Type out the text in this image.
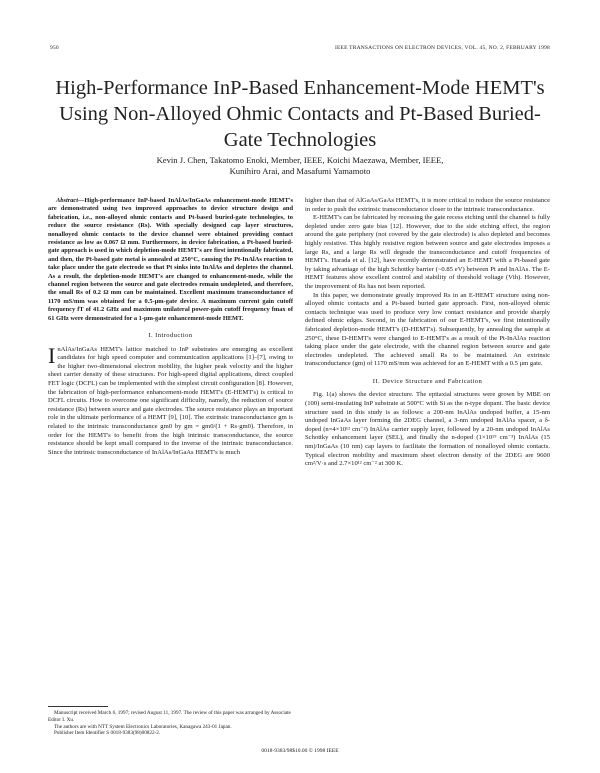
950	IEEE TRANSACTIONS ON ELECTRON DEVICES, VOL. 45, NO. 2, FEBRUARY 1998
High-Performance InP-Based Enhancement-Mode HEMT's Using Non-Alloyed Ohmic Contacts and Pt-Based Buried-Gate Technologies
Kevin J. Chen, Takatomo Enoki, Member, IEEE, Koichi Maezawa, Member, IEEE,
Kunihiro Arai, and Masafumi Yamamoto

Abstract—High-performance InP-based InAlAs/InGaAs enhancement-mode HEMT's are demonstrated using two improved approaches to device structure design and fabrication, i.e., non-alloyed ohmic contacts and Pt-based buried-gate technologies, to reduce the source resistance (Rs). With specially designed cap layer structures, nonalloyed ohmic contacts to the device channel were obtained providing contact resistance as low as 0.067 Ω mm. Furthermore, in device fabrication, a Pt-based buried-gate approach is used in which depletion-mode HEMT's are first intentionally fabricated, and then, the Pt-based gate metal is annealed at 250°C, causing the Pt-InAlAs reaction to take place under the gate electrode so that Pt sinks into InAlAs and depletes the channel. As a result, the depletion-mode HEMT's are changed to enhancement-mode, while the channel region between the source and gate electrodes remain undepleted, and therefore, the small Rs of 0.2 Ω mm can be maintained. Excellent maximum transconductance of 1170 mS/mm was obtained for a 0.5-μm-gate device. A maximum current gain cutoff frequency fT of 41.2 GHz and maximum unilateral power-gain cutoff frequency fmax of 61 GHz were demonstrated for a 1-μm-gate enhancement-mode HEMT.

I. Introduction

InAlAs/InGaAs HEMT's lattice matched to InP substrates are emerging as excellent candidates for high speed computer and communication applications [1]–[7], owing to the higher two-dimensional electron mobility, the higher peak velocity and the higher sheet carrier density of these structures. For high-speed digital applications, direct coupled FET logic (DCFL) can be implemented with the simplest circuit configuration [8]. However, the fabrication of high-performance enhancement-mode HEMT's (E-HEMT's) is critical to DCFL circuits. How to overcome one significant difficulty, namely, the reduction of source resistance (Rs) between source and gate electrodes. The source resistance plays an important role in the ultimate performance of a HEMT [9], [10]. The extrinsic transconductance gm is related to the intrinsic transconductance gm0 by gm = gm0/(1 + Rs·gm0). Therefore, in order for the HEMT's to benefit from the high intrinsic transconductance, the source resistance should be kept small compared to the inverse of the intrinsic transconductance. Since the intrinsic transconductance of InAlAs/InGaAs HEMT's is much

higher than that of AlGaAs/GaAs HEMT's, it is more critical to reduce the source resistance in order to push the extrinsic transconductance closer to the intrinsic transconductance.

E-HEMT's can be fabricated by recessing the gate recess etching until the channel is fully depleted under zero gate bias [12]. However, due to the side etching effect, the region around the gate periphery (not covered by the gate electrode) is also depleted and becomes highly resistive. This highly resistive region between source and gate electrodes imposes a large Rs, and a large Rs will degrade the transconductance and cutoff frequencies of HEMT's. Harada et al. [12], have recently demonstrated an E-HEMT with a Pt-based gate by taking advantage of the high Schottky barrier (~0.85 eV) between Pt and InAlAs. The E-HEMT features show excellent control and stability of threshold voltage (Vth). However, the improvement of Rs has not been reported.

In this paper, we demonstrate greatly improved Rs in an E-HEMT structure using non-alloyed ohmic contacts and a Pt-based buried gate approach. First, non-alloyed ohmic contacts technique was used to produce very low contact resistance and provide sharply defined ohmic edges. Second, in the fabrication of our E-HEMT's, we first intentionally fabricated depletion-mode HEMT's (D-HEMT's). Subsequently, by annealing the sample at 250°C, these D-HEMT's were changed to E-HEMT's as a result of the Pt-InAlAs reaction taking place under the gate electrode, with the channel region between source and gate electrodes undepleted. The achieved small Rs to be maintained. An extrinsic transconductance (gm) of 1170 mS/mm was achieved for an E-HEMT with a 0.5 μm gate.

II. Device Structure and Fabrication

Fig. 1(a) shows the device structure. The epitaxial structures were grown by MBE on (100) semi-insulating InP substrate at 500°C with Si as the n-type dopant. The basic device structure used in this study is as follows: a 200-nm InAlAs undoped buffer, a 15-nm undoped InGaAs layer forming the 2DEG channel, a 3-nm undoped InAlAs spacer, a δ-doped (n=4×10¹² cm⁻²) InAlAs carrier supply layer, followed by a 20-nm undoped InAlAs Schottky enhancement layer (SEL), and finally the n-doped (1×10¹⁹ cm⁻³) InAlAs (15 nm)/InGaAs (10 nm) cap layers to facilitate the formation of nonalloyed ohmic contacts. Typical electron mobility and maximum sheet electron density of the 2DEG are 9600 cm²/V·s and 2.7×10¹² cm⁻² at 300 K.

Manuscript received March 6, 1997; revised August 11, 1997. The review of this paper was arranged by Associate Editor I. Xu.
The authors are with NTT System Electronics Laboratories, Kanagawa 243-01 Japan.
Publisher Item Identifier S 0018-9383(98)00822-2.
0018-9383/98$10.00 © 1998 IEEE
